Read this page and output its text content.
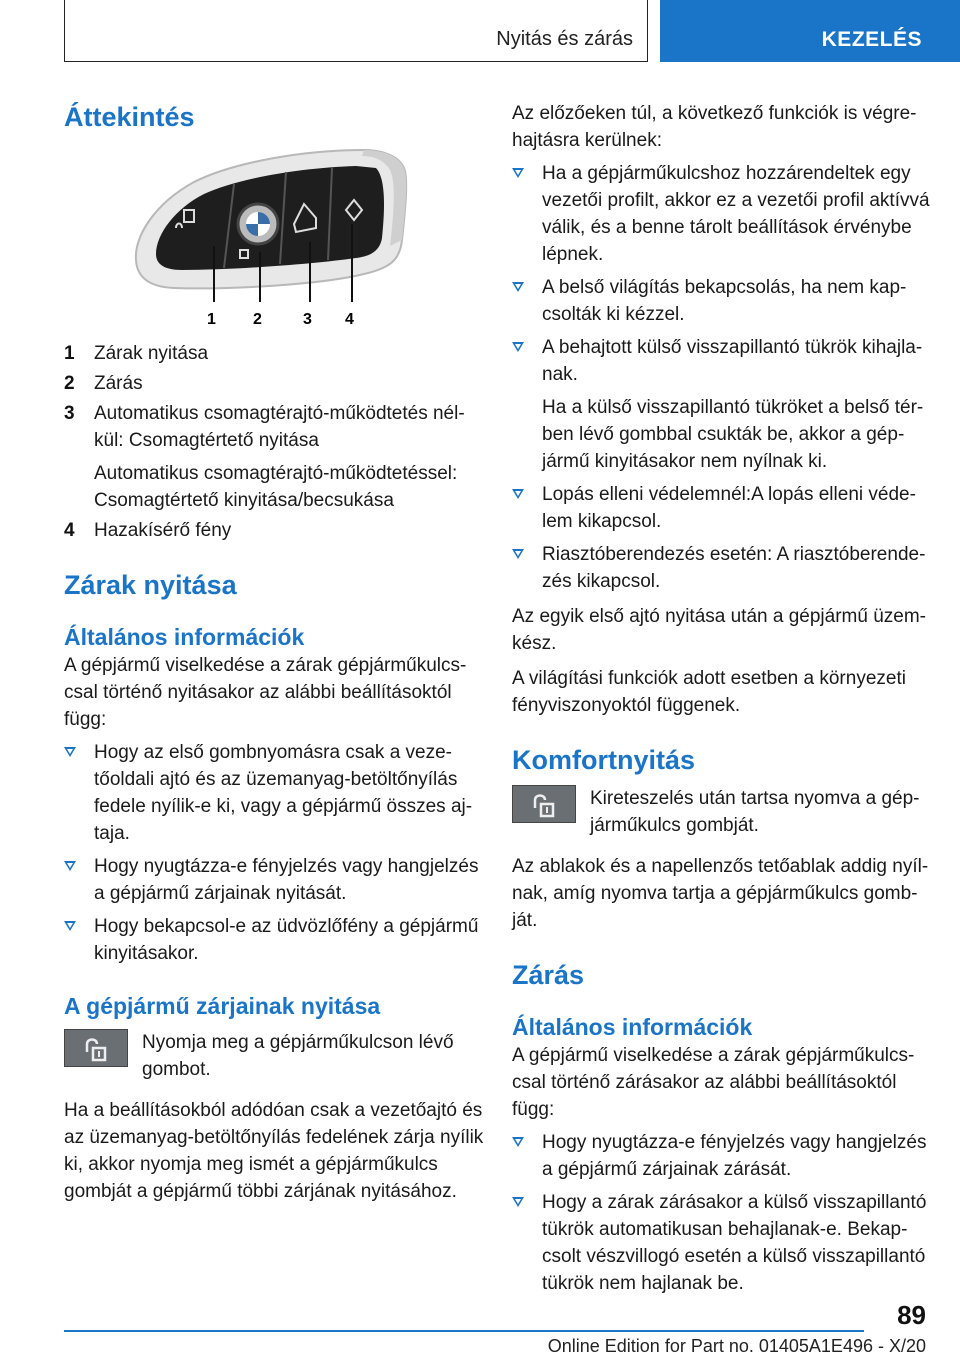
Nyitás és zárás	KEZELÉS
Áttekintés
1 2	3 4
1	Zárak nyitása
2	Zárás
3	Automatikus csomagtérajtó-működtetés nél-kül: Csomagtértető nyitása
Automatikus csomagtérajtó-működtetéssel: Csomagtértető kinyitása/becsukása
4	Hazakísérő fény
Zárak nyitása
Általános információk

A gépjármű viselkedése a zárak gépjárműkulcs-csal történő nyitásakor az alábbi beállításoktól függ:

Hogy az első gombnyomásra csak a veze-tőoldali ajtó és az üzemanyag-betöltőnyílás fedele nyílik-e ki, vagy a gépjármű összes aj-taja.
Hogy nyugtázza-e fényjelzés vagy hangjelzés a gépjármű zárjainak nyitását.
Hogy bekapcsol-e az üdvözlőfény a gépjármű kinyitásakor.
A gépjármű zárjainak nyitása

Nyomja meg a gépjárműkulcson lévő gombot.

Ha a beállításokból adódóan csak a vezetőajtó és az üzemanyag-betöltőnyílás fedelének zárja nyílik ki, akkor nyomja meg ismét a gépjárműkulcs gombját a gépjármű többi zárjának nyitásához.

Az előzőeken túl, a következő funkciók is végre-hajtásra kerülnek:

Ha a gépjárműkulcshoz hozzárendeltek egy vezetői profilt, akkor ez a vezetői profil aktívvá válik, és a benne tárolt beállítások érvénybe lépnek.
A belső világítás bekapcsolás, ha nem kap-csolták ki kézzel.
A behajtott külső visszapillantó tükrök kihajla-nak.
Ha a külső visszapillantó tükröket a belső tér-ben lévő gombbal csukták be, akkor a gép-jármű kinyitásakor nem nyílnak ki.
Lopás elleni védelemnél:A lopás elleni véde-lem kikapcsol.
Riasztóberendezés esetén: A riasztóberende-zés kikapcsol.

Az egyik első ajtó nyitása után a gépjármű üzem-kész.

A világítási funkciók adott esetben a környezeti fényviszonyoktól függenek.

Komfortnyitás

Kireteszelés után tartsa nyomva a gép-járműkulcs gombját.

Az ablakok és a napellenzős tetőablak addig nyíl-nak, amíg nyomva tartja a gépjárműkulcs gomb-ját.

Zárás
Általános információk

A gépjármű viselkedése a zárak gépjárműkulcs-csal történő zárásakor az alábbi beállításoktól függ:

Hogy nyugtázza-e fényjelzés vagy hangjelzés a gépjármű zárjainak zárását.
Hogy a zárak zárásakor a külső visszapillantó tükrök automatikusan behajlanak-e. Bekap-csolt vészvillogó esetén a külső visszapillantó tükrök nem hajlanak be.
89
Online Edition for Part no. 01405A1E496 - X/20
